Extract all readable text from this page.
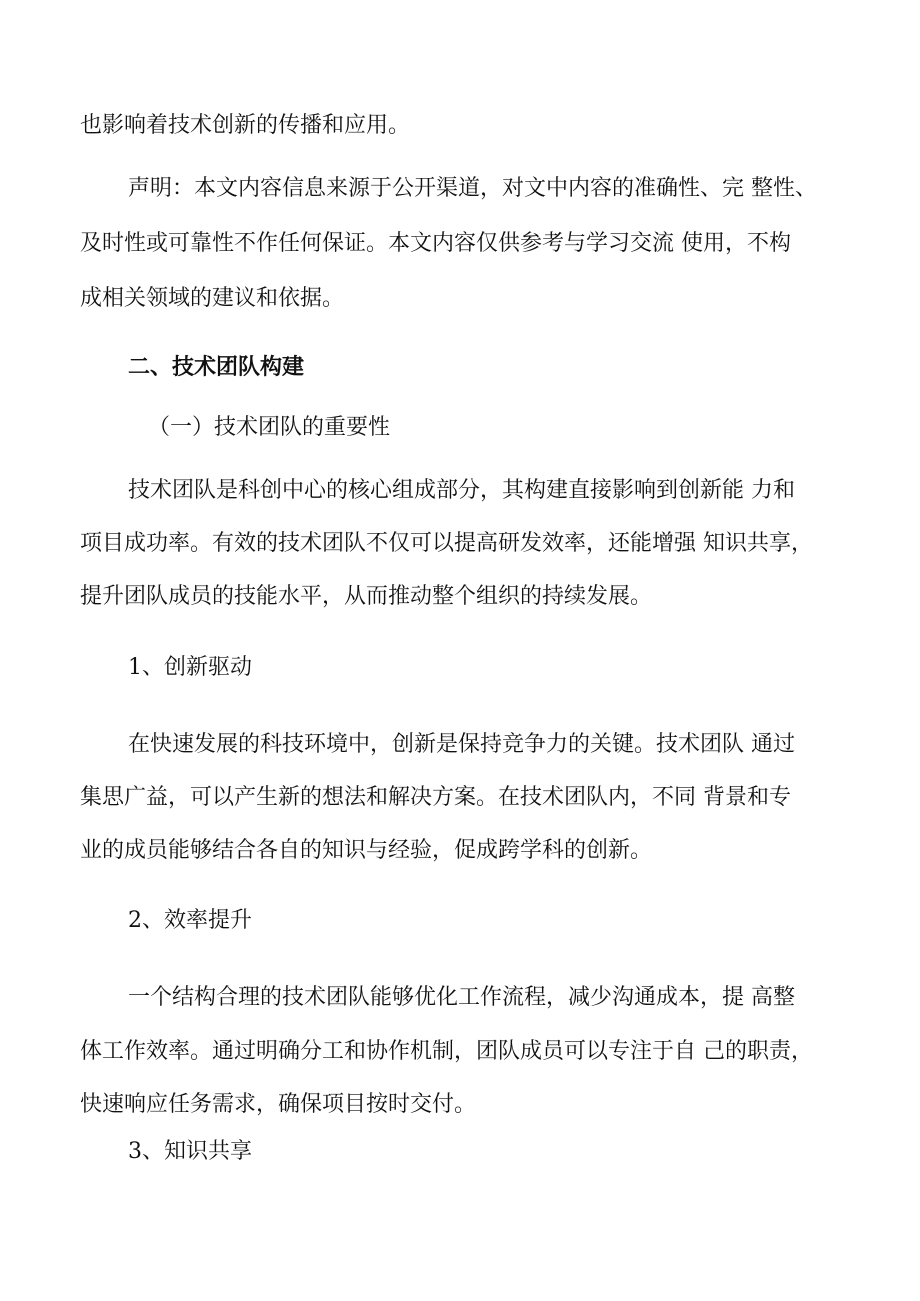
也影响着技术创新的传播和应用。

声明：本文内容信息来源于公开渠道，对文中内容的准确性、完 整性、

及时性或可靠性不作任何保证。本文内容仅供参考与学习交流 使用，不构

成相关领域的建议和依据。

二、技术团队构建

（一）技术团队的重要性

技术团队是科创中心的核心组成部分，其构建直接影响到创新能 力和

项目成功率。有效的技术团队不仅可以提高研发效率，还能增强 知识共享，

提升团队成员的技能水平，从而推动整个组织的持续发展。

1、创新驱动

在快速发展的科技环境中，创新是保持竞争力的关键。技术团队 通过

集思广益，可以产生新的想法和解决方案。在技术团队内，不同 背景和专

业的成员能够结合各自的知识与经验，促成跨学科的创新。

2、效率提升

一个结构合理的技术团队能够优化工作流程，减少沟通成本，提 高整

体工作效率。通过明确分工和协作机制，团队成员可以专注于自 己的职责，

快速响应任务需求，确保项目按时交付。

3、知识共享
